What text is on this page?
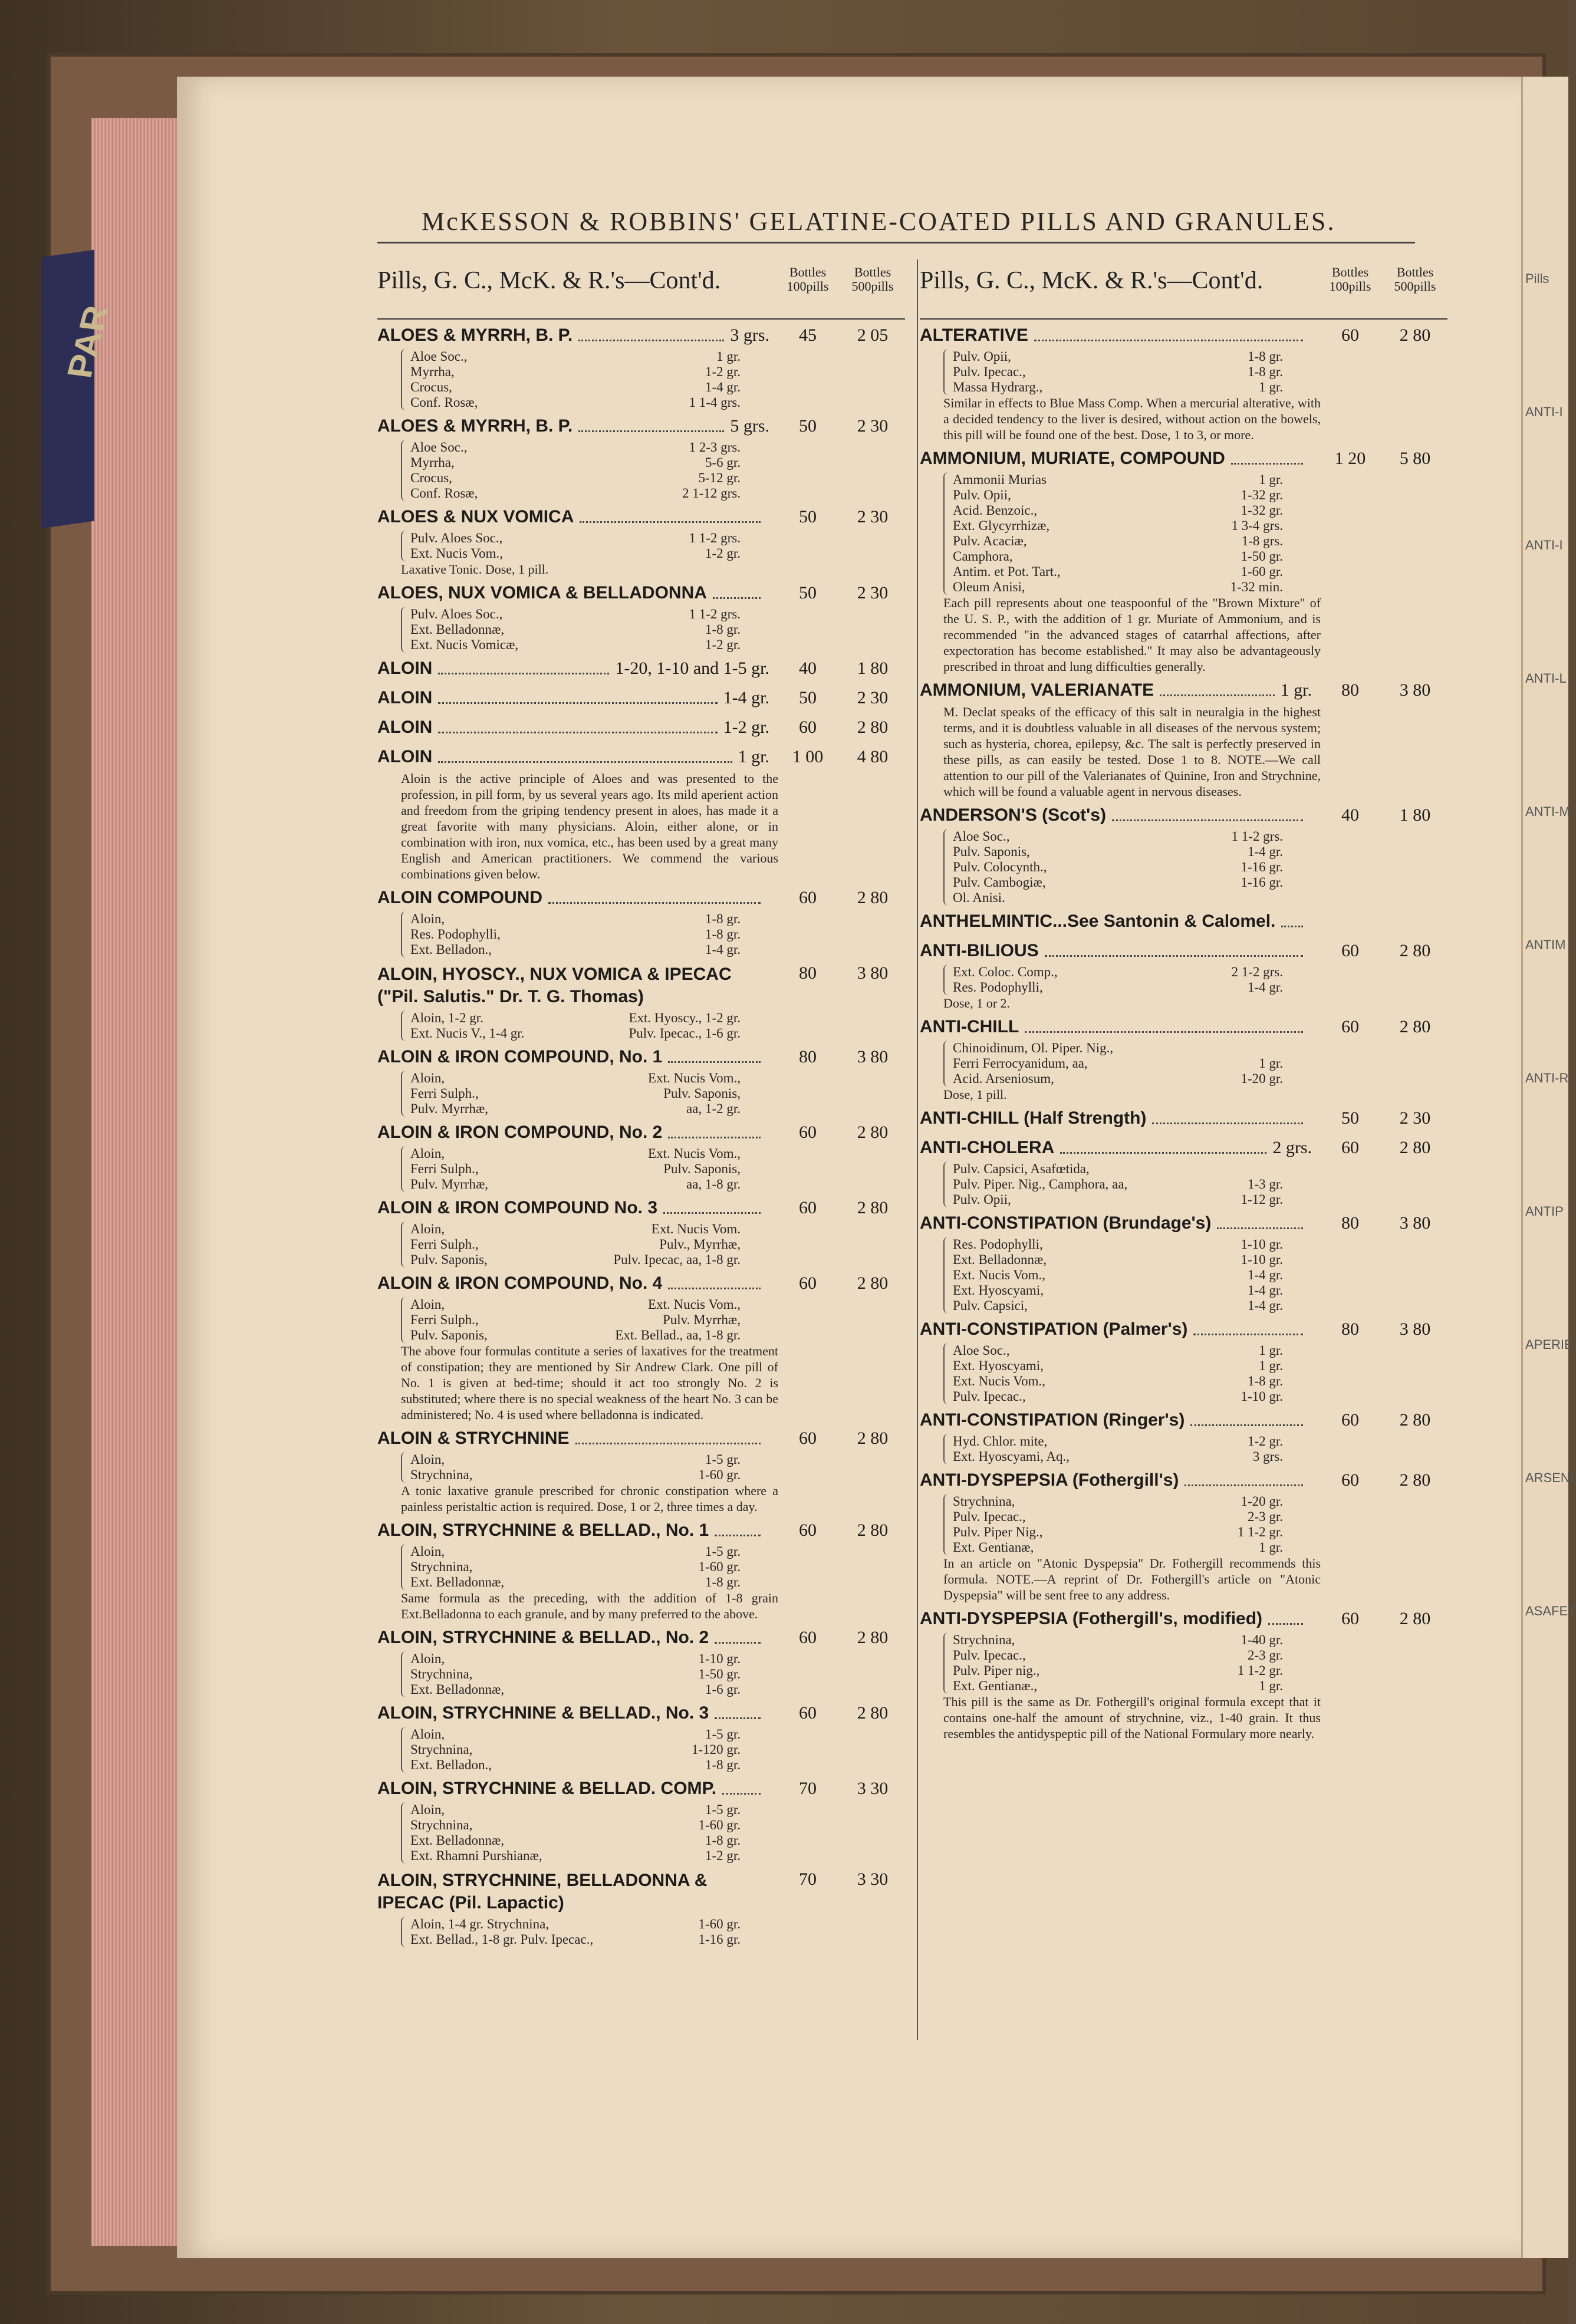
PAR
Pills
ANTI-I
ANTI-I
ANTI-L
ANTI-M
ANTIM
ANTI-R
ANTIP
APERIE
ARSENI
ASAFET
McKESSON & ROBBINS' GELATINE-COATED PILLS AND GRANULES.
Pills, G. C., McK. & R.'s—Cont'd.	Bottles 100pills
Bottles 500pills
ALOES & MYRRH, B. P.	3 grs.	45	2 05
Aloe Soc.,	1 gr.
Myrrha,	1-2 gr.
Crocus,	1-4 gr.
Conf. Rosæ,	1 1-4 grs.
ALOES & MYRRH, B. P.	5 grs.	50	2 30
Aloe Soc.,	1 2-3 grs.
Myrrha,	5-6 gr.
Crocus,	5-12 gr.
Conf. Rosæ,	2 1-12 grs.
ALOES & NUX VOMICA	50	2 30
Pulv. Aloes Soc.,	1 1-2 grs.
Ext. Nucis Vom.,	1-2 gr.
Laxative Tonic. Dose, 1 pill.
ALOES, NUX VOMICA & BELLADONNA	50	2 30
Pulv. Aloes Soc.,	1 1-2 grs.
Ext. Belladonnæ,	1-8 gr.
Ext. Nucis Vomicæ,	1-2 gr.
ALOIN	1-20, 1-10 and 1-5 gr.	40	1 80
ALOIN	1-4 gr.	50	2 30
ALOIN	1-2 gr.	60	2 80
ALOIN	1 gr.	1 00	4 80
Aloin is the active principle of Aloes and was presented to the profession, in pill form, by us several years ago. Its mild aperient action and freedom from the griping tendency present in aloes, has made it a great favorite with many physicians. Aloin, either alone, or in combination with iron, nux vomica, etc., has been used by a great many English and American practitioners. We commend the various combinations given below.
ALOIN COMPOUND	60	2 80
Aloin,	1-8 gr.
Res. Podophylli,	1-8 gr.
Ext. Belladon.,	1-4 gr.
ALOIN, HYOSCY., NUX VOMICA & IPECAC ("Pil. Salutis." Dr. T. G. Thomas)
80	3 80
Aloin, 1-2 gr.	Ext. Hyoscy., 1-2 gr.
Ext. Nucis V., 1-4 gr.	Pulv. Ipecac., 1-6 gr.
ALOIN & IRON COMPOUND, No. 1	80	3 80
Aloin,	Ext. Nucis Vom.,
Ferri Sulph.,	Pulv. Saponis,
Pulv. Myrrhæ,	aa, 1-2 gr.
ALOIN & IRON COMPOUND, No. 2	60	2 80
Aloin,	Ext. Nucis Vom.,
Ferri Sulph.,	Pulv. Saponis,
Pulv. Myrrhæ,	aa, 1-8 gr.
ALOIN & IRON COMPOUND No. 3	60	2 80
Aloin,	Ext. Nucis Vom.
Ferri Sulph.,	Pulv., Myrrhæ,
Pulv. Saponis,	Pulv. Ipecac, aa, 1-8 gr.
ALOIN & IRON COMPOUND, No. 4	60	2 80
Aloin,	Ext. Nucis Vom.,
Ferri Sulph.,	Pulv. Myrrhæ,
Pulv. Saponis,	Ext. Bellad., aa, 1-8 gr.
The above four formulas contitute a series of laxatives for the treatment of constipation; they are mentioned by Sir Andrew Clark. One pill of No. 1 is given at bed-time; should it act too strongly No. 2 is substituted; where there is no special weakness of the heart No. 3 can be administered; No. 4 is used where belladonna is indicated.
ALOIN & STRYCHNINE	60	2 80
Aloin,	1-5 gr.
Strychnina,	1-60 gr.
A tonic laxative granule prescribed for chronic constipation where a painless peristaltic action is required. Dose, 1 or 2, three times a day.
ALOIN, STRYCHNINE & BELLAD., No. 1	60	2 80
Aloin,	1-5 gr.
Strychnina,	1-60 gr.
Ext. Belladonnæ,	1-8 gr.
Same formula as the preceding, with the addition of 1-8 grain Ext.Belladonna to each granule, and by many preferred to the above.
ALOIN, STRYCHNINE & BELLAD., No. 2	60	2 80
Aloin,	1-10 gr.
Strychnina,	1-50 gr.
Ext. Belladonnæ,	1-6 gr.
ALOIN, STRYCHNINE & BELLAD., No. 3	60	2 80
Aloin,	1-5 gr.
Strychnina,	1-120 gr.
Ext. Belladon.,	1-8 gr.
ALOIN, STRYCHNINE & BELLAD. COMP.	70	3 30
Aloin,	1-5 gr.
Strychnina,	1-60 gr.
Ext. Belladonnæ,	1-8 gr.
Ext. Rhamni Purshianæ,	1-2 gr.
ALOIN, STRYCHNINE, BELLADONNA & IPECAC (Pil. Lapactic)
70	3 30
Aloin, 1-4 gr. Strychnina,	1-60 gr.
Ext. Bellad., 1-8 gr. Pulv. Ipecac.,	1-16 gr.
Pills, G. C., McK. & R.'s—Cont'd.	Bottles 100pills
Bottles 500pills
ALTERATIVE	60	2 80
Pulv. Opii,	1-8 gr.
Pulv. Ipecac.,	1-8 gr.
Massa Hydrarg.,	1 gr.
Similar in effects to Blue Mass Comp. When a mercurial alterative, with a decided tendency to the liver is desired, without action on the bowels, this pill will be found one of the best. Dose, 1 to 3, or more.
AMMONIUM, MURIATE, COMPOUND	1 20	5 80
Ammonii Murias	1 gr.
Pulv. Opii,	1-32 gr.
Acid. Benzoic.,	1-32 gr.
Ext. Glycyrrhizæ,	1 3-4 grs.
Pulv. Acaciæ,	1-8 grs.
Camphora,	1-50 gr.
Antim. et Pot. Tart.,	1-60 gr.
Oleum Anisi,	1-32 min.
Each pill represents about one teaspoonful of the "Brown Mixture" of the U. S. P., with the addition of 1 gr. Muriate of Ammonium, and is recommended "in the advanced stages of catarrhal affections, after expectoration has become established." It may also be advantageously prescribed in throat and lung difficulties generally.
AMMONIUM, VALERIANATE	1 gr.	80	3 80
M. Declat speaks of the efficacy of this salt in neuralgia in the highest terms, and it is doubtless valuable in all diseases of the nervous system; such as hysteria, chorea, epilepsy, &c. The salt is perfectly preserved in these pills, as can easily be tested. Dose 1 to 8. NOTE.—We call attention to our pill of the Valerianates of Quinine, Iron and Strychnine, which will be found a valuable agent in nervous diseases.
ANDERSON'S (Scot's)	40	1 80
Aloe Soc.,	1 1-2 grs.
Pulv. Saponis,	1-4 gr.
Pulv. Colocynth.,	1-16 gr.
Pulv. Cambogiæ,	1-16 gr.
Ol. Anisi.
ANTHELMINTIC...See Santonin & Calomel.
ANTI-BILIOUS	60	2 80
Ext. Coloc. Comp.,	2 1-2 grs.
Res. Podophylli,	1-4 gr.
Dose, 1 or 2.
ANTI-CHILL	60	2 80
Chinoidinum, Ol. Piper. Nig.,
Ferri Ferrocyanidum, aa,	1 gr.
Acid. Arseniosum,	1-20 gr.
Dose, 1 pill.
ANTI-CHILL (Half Strength)	50	2 30
ANTI-CHOLERA	2 grs.	60	2 80
Pulv. Capsici, Asafœtida,
Pulv. Piper. Nig., Camphora, aa,	1-3 gr.
Pulv. Opii,	1-12 gr.
ANTI-CONSTIPATION (Brundage's)	80	3 80
Res. Podophylli,	1-10 gr.
Ext. Belladonnæ,	1-10 gr.
Ext. Nucis Vom.,	1-4 gr.
Ext. Hyoscyami,	1-4 gr.
Pulv. Capsici,	1-4 gr.
ANTI-CONSTIPATION (Palmer's)	80	3 80
Aloe Soc.,	1 gr.
Ext. Hyoscyami,	1 gr.
Ext. Nucis Vom.,	1-8 gr.
Pulv. Ipecac.,	1-10 gr.
ANTI-CONSTIPATION (Ringer's)	60	2 80
Hyd. Chlor. mite,	1-2 gr.
Ext. Hyoscyami, Aq.,	3 grs.
ANTI-DYSPEPSIA (Fothergill's)	60	2 80
Strychnina,	1-20 gr.
Pulv. Ipecac.,	2-3 gr.
Pulv. Piper Nig.,	1 1-2 gr.
Ext. Gentianæ,	1 gr.
In an article on "Atonic Dyspepsia" Dr. Fothergill recommends this formula. NOTE.—A reprint of Dr. Fothergill's article on "Atonic Dyspepsia" will be sent free to any address.
ANTI-DYSPEPSIA (Fothergill's, modified)	60	2 80
Strychnina,	1-40 gr.
Pulv. Ipecac.,	2-3 gr.
Pulv. Piper nig.,	1 1-2 gr.
Ext. Gentianæ.,	1 gr.
This pill is the same as Dr. Fothergill's original formula except that it contains one-half the amount of strychnine, viz., 1-40 grain. It thus resembles the antidyspeptic pill of the National Formulary more nearly.
